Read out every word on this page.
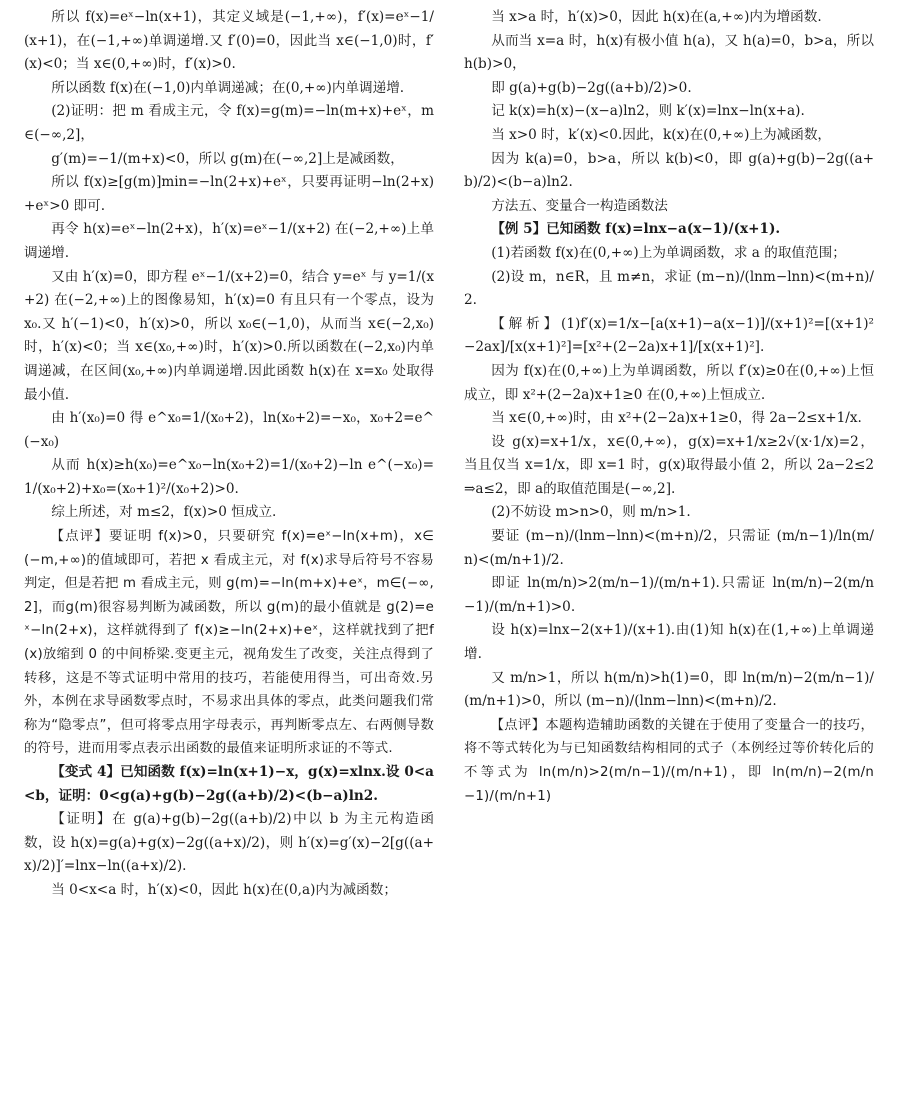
所以 f(x)=eˣ−ln(x+1)，其定义域是(−1,+∞)，f′(x)=eˣ−1/(x+1)，在(−1,+∞)单调递增.又 f′(0)=0，因此当 x∈(−1,0)时，f′(x)<0；当 x∈(0,+∞)时，f′(x)>0.

所以函数 f(x)在(−1,0)内单调递减；在(0,+∞)内单调递增.

(2)证明：把 m 看成主元，令 f(x)=g(m)=−ln(m+x)+eˣ，m∈(−∞,2]，

g′(m)=−1/(m+x)<0，所以 g(m)在(−∞,2]上是减函数，

所以 f(x)≥[g(m)]min=−ln(2+x)+eˣ，只要再证明−ln(2+x)+eˣ>0 即可.

再令 h(x)=eˣ−ln(2+x)，h′(x)=eˣ−1/(x+2) 在(−2,+∞)上单调递增.

又由 h′(x)=0，即方程 eˣ−1/(x+2)=0，结合 y=eˣ 与 y=1/(x+2) 在(−2,+∞)上的图像易知，h′(x)=0 有且只有一个零点，设为 x₀.又 h′(−1)<0，h′(x)>0，所以 x₀∈(−1,0)，从而当 x∈(−2,x₀)时，h′(x)<0；当 x∈(x₀,+∞)时，h′(x)>0.所以函数在(−2,x₀)内单调递减，在区间(x₀,+∞)内单调递增.因此函数 h(x)在 x=x₀ 处取得最小值.

由 h′(x₀)=0 得 e^x₀=1/(x₀+2)，ln(x₀+2)=−x₀，x₀+2=e^(−x₀)

从而 h(x)≥h(x₀)=e^x₀−ln(x₀+2)=1/(x₀+2)−ln e^(−x₀)=1/(x₀+2)+x₀=(x₀+1)²/(x₀+2)>0.

综上所述，对 m≤2，f(x)>0 恒成立.

【点评】要证明 f(x)>0，只要研究 f(x)=eˣ−ln(x+m)，x∈(−m,+∞)的值域即可，若把 x 看成主元，对 f(x)求导后符号不容易判定，但是若把 m 看成主元，则 g(m)=−ln(m+x)+eˣ，m∈(−∞,2]，而g(m)很容易判断为减函数，所以 g(m)的最小值就是 g(2)=eˣ−ln(2+x)，这样就得到了 f(x)≥−ln(2+x)+eˣ，这样就找到了把f(x)放缩到 0 的中间桥梁.变更主元，视角发生了改变，关注点得到了转移，这是不等式证明中常用的技巧，若能使用得当，可出奇效.另外，本例在求导函数零点时，不易求出具体的零点，此类问题我们常称为“隐零点”，但可将零点用字母表示，再判断零点左、右两侧导数的符号，进而用零点表示出函数的最值来证明所求证的不等式.

【变式 4】已知函数 f(x)=ln(x+1)−x，g(x)=xlnx.设 0<a<b，证明：0<g(a)+g(b)−2g((a+b)/2)<(b−a)ln2.

【证明】在 g(a)+g(b)−2g((a+b)/2)中以 b 为主元构造函数，设 h(x)=g(a)+g(x)−2g((a+x)/2)，则 h′(x)=g′(x)−2[g((a+x)/2)]′=lnx−ln((a+x)/2).

当 0<x<a 时，h′(x)<0，因此 h(x)在(0,a)内为减函数；

当 x>a 时，h′(x)>0，因此 h(x)在(a,+∞)内为增函数.

从而当 x=a 时，h(x)有极小值 h(a)，又 h(a)=0，b>a，所以 h(b)>0，

即 g(a)+g(b)−2g((a+b)/2)>0.

记 k(x)=h(x)−(x−a)ln2，则 k′(x)=lnx−ln(x+a).

当 x>0 时，k′(x)<0.因此，k(x)在(0,+∞)上为减函数，

因为 k(a)=0，b>a，所以 k(b)<0，即 g(a)+g(b)−2g((a+b)/2)<(b−a)ln2.

方法五、变量合一构造函数法

【例 5】已知函数 f(x)=lnx−a(x−1)/(x+1).

(1)若函数 f(x)在(0,+∞)上为单调函数，求 a 的取值范围；

(2)设 m，n∈R，且 m≠n，求证 (m−n)/(lnm−lnn)<(m+n)/2.

【解析】(1)f′(x)=1/x−[a(x+1)−a(x−1)]/(x+1)²=[(x+1)²−2ax]/[x(x+1)²]=[x²+(2−2a)x+1]/[x(x+1)²].

因为 f(x)在(0,+∞)上为单调函数，所以 f′(x)≥0在(0,+∞)上恒成立，即 x²+(2−2a)x+1≥0 在(0,+∞)上恒成立.

当 x∈(0,+∞)时，由 x²+(2−2a)x+1≥0，得 2a−2≤x+1/x.

设 g(x)=x+1/x，x∈(0,+∞)，g(x)=x+1/x≥2√(x·1/x)=2，当且仅当 x=1/x，即 x=1 时，g(x)取得最小值 2，所以 2a−2≤2⇒a≤2，即 a的取值范围是(−∞,2].

(2)不妨设 m>n>0，则 m/n>1.

要证 (m−n)/(lnm−lnn)<(m+n)/2，只需证 (m/n−1)/ln(m/n)<(m/n+1)/2.

即证 ln(m/n)>2(m/n−1)/(m/n+1).只需证 ln(m/n)−2(m/n−1)/(m/n+1)>0.

设 h(x)=lnx−2(x+1)/(x+1).由(1)知 h(x)在(1,+∞)上单调递增.

又 m/n>1，所以 h(m/n)>h(1)=0，即 ln(m/n)−2(m/n−1)/(m/n+1)>0，所以 (m−n)/(lnm−lnn)<(m+n)/2.

【点评】本题构造辅助函数的关键在于使用了变量合一的技巧，将不等式转化为与已知函数结构相同的式子（本例经过等价转化后的不等式为 ln(m/n)>2(m/n−1)/(m/n+1)，即 ln(m/n)−2(m/n−1)/(m/n+1)
